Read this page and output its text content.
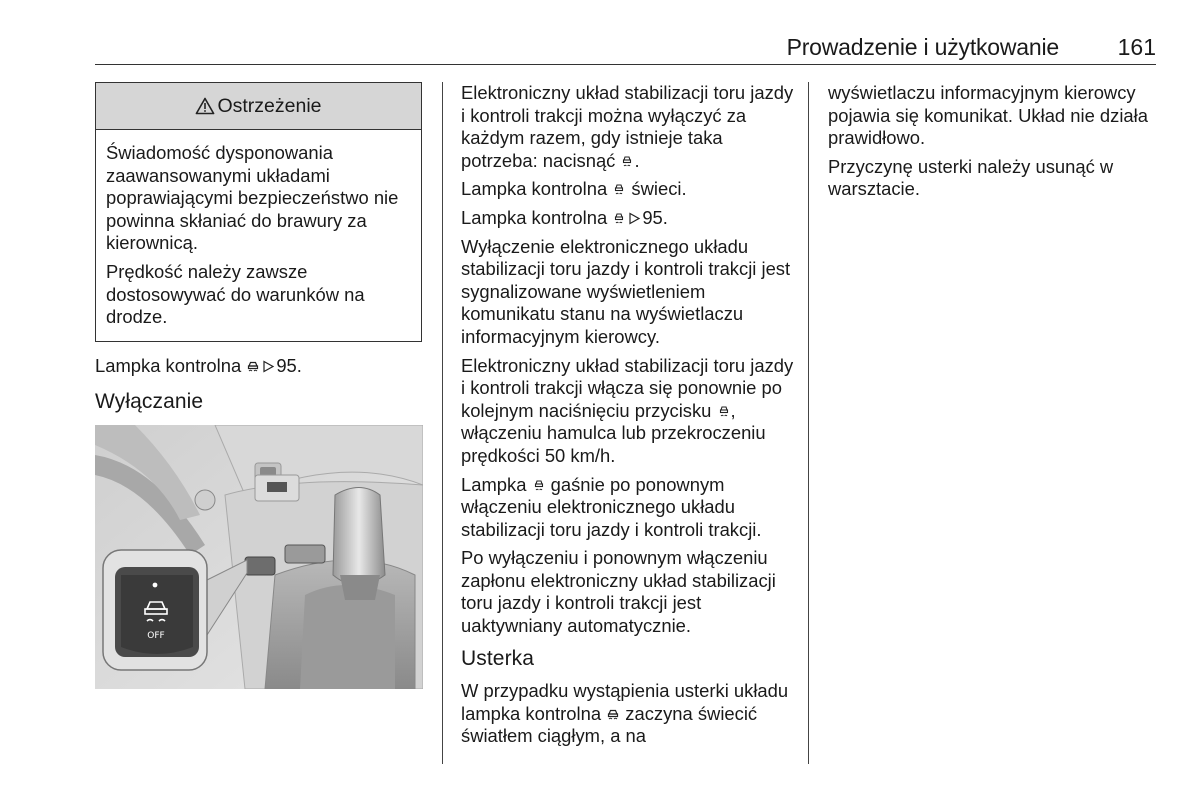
Prowadzenie i użytkowanie	161
Ostrzeżenie

Świadomość dysponowania zaawansowanymi układami poprawiającymi bezpieczeństwo nie powinna skłaniać do brawury za kierownicą.

Prędkość należy zawsze dostosowywać do warunków na drodze.

Lampka kontrolna 95.

Wyłączanie
OFF

Elektroniczny układ stabilizacji toru jazdy i kontroli trakcji można wyłączyć za każdym razem, gdy istnieje taka potrzeba: nacisnąć .

Lampka kontrolna  świeci.

Lampka kontrolna 95.

Wyłączenie elektronicznego układu stabilizacji toru jazdy i kontroli trakcji jest sygnalizowane wyświetleniem komunikatu stanu na wyświetlaczu informacyjnym kierowcy.

Elektroniczny układ stabilizacji toru jazdy i kontroli trakcji włącza się ponownie po kolejnym naciśnięciu przycisku , włączeniu hamulca lub przekroczeniu prędkości 50 km/h.

Lampka  gaśnie po ponownym włączeniu elektronicznego układu stabilizacji toru jazdy i kontroli trakcji.

Po wyłączeniu i ponownym włączeniu zapłonu elektroniczny układ stabilizacji toru jazdy i kontroli trakcji jest uaktywniany automatycznie.

Usterka

W przypadku wystąpienia usterki układu lampka kontrolna  zaczyna świecić światłem ciągłym, a na

wyświetlaczu informacyjnym kierowcy pojawia się komunikat. Układ nie działa prawidłowo.

Przyczynę usterki należy usunąć w warsztacie.
